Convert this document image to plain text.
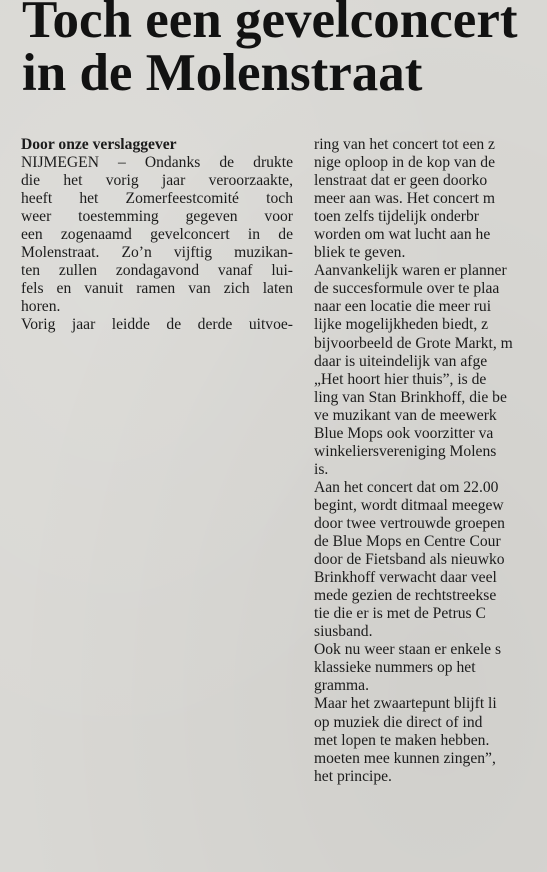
Toch een gevelconcert
in de Molenstraat

Door onze verslaggever

NIJMEGEN – Ondanks de drukte
die het vorig jaar veroorzaakte,
heeft het Zomerfeestcomité toch
weer toestemming gegeven voor
een zogenaamd gevelconcert in de
Molenstraat. Zo’n vijftig muzikan-
ten zullen zondagavond vanaf lui-
fels en vanuit ramen van zich laten
horen.
Vorig jaar leidde de derde uitvoe-
ring van het concert tot een z
nige oploop in de kop van de
lenstraat dat er geen doorko
meer aan was. Het concert m
toen zelfs tijdelijk onderbr
worden om wat lucht aan he
bliek te geven.
Aanvankelijk waren er planner
de succesformule over te plaa
naar een locatie die meer rui
lijke mogelijkheden biedt, z
bijvoorbeeld de Grote Markt, m
daar is uiteindelijk van afge
„Het hoort hier thuis”, is de
ling van Stan Brinkhoff, die be
ve muzikant van de meewerk
Blue Mops ook voorzitter va
winkeliersvereniging Molens
is.
Aan het concert dat om 22.00
begint, wordt ditmaal meegew
door twee vertrouwde groepen
de Blue Mops en Centre Cour
door de Fietsband als nieuwko
Brinkhoff verwacht daar veel
mede gezien de rechtstreekse
tie die er is met de Petrus C
siusband.
Ook nu weer staan er enkele s
klassieke nummers op het
gramma.
Maar het zwaartepunt blijft li
op muziek die direct of ind
met lopen te maken hebben.
moeten mee kunnen zingen”,
het principe.
